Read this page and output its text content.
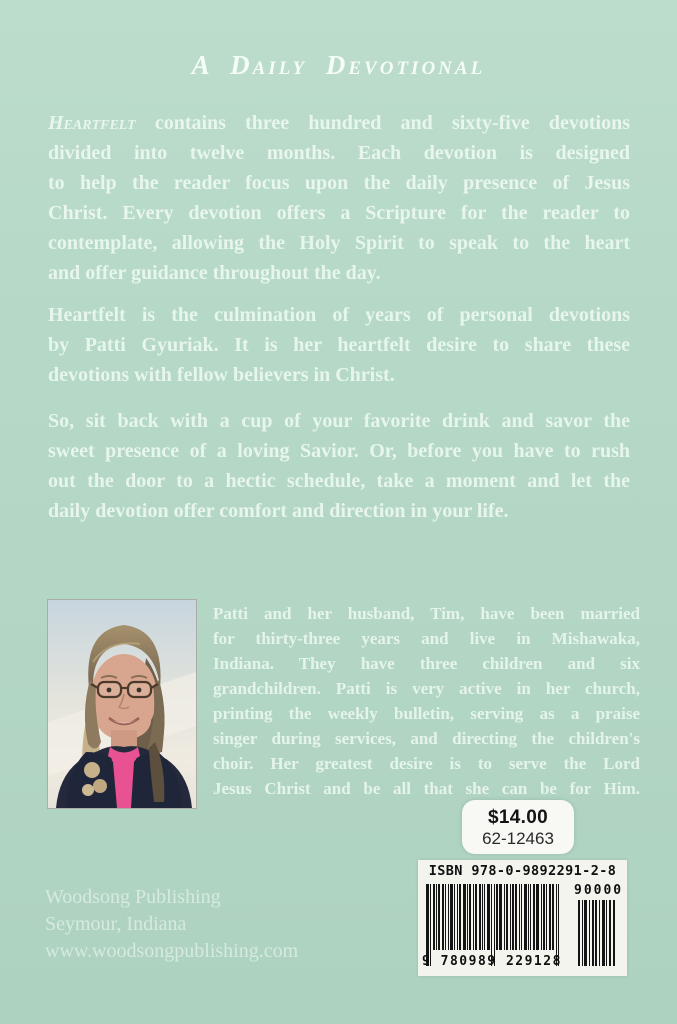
A Daily Devotional
Heartfelt contains three hundred and sixty-five devotions
divided into twelve months. Each devotion is designed
to help the reader focus upon the daily presence of Jesus
Christ. Every devotion offers a Scripture for the reader to
contemplate, allowing the Holy Spirit to speak to the heart
and offer guidance throughout the day.
Heartfelt is the culmination of years of personal devotions
by Patti Gyuriak. It is her heartfelt desire to share these
devotions with fellow believers in Christ.
So, sit back with a cup of your favorite drink and savor the
sweet presence of a loving Savior. Or, before you have to rush
out the door to a hectic schedule, take a moment and let the
daily devotion offer comfort and direction in your life.
Patti and her husband, Tim, have been married
for thirty-three years and live in Mishawaka,
Indiana. They have three children and six
grandchildren. Patti is very active in her church,
printing the weekly bulletin, serving as a praise
singer during services, and directing the children's
choir. Her greatest desire is to serve the Lord
Jesus Christ and be all that she can be for Him.
Woodsong Publishing
Seymour, Indiana
www.woodsongpublishing.com
$14.00
62-12463
ISBN 978-0-9892291-2-8
9 780989 229128
90000
